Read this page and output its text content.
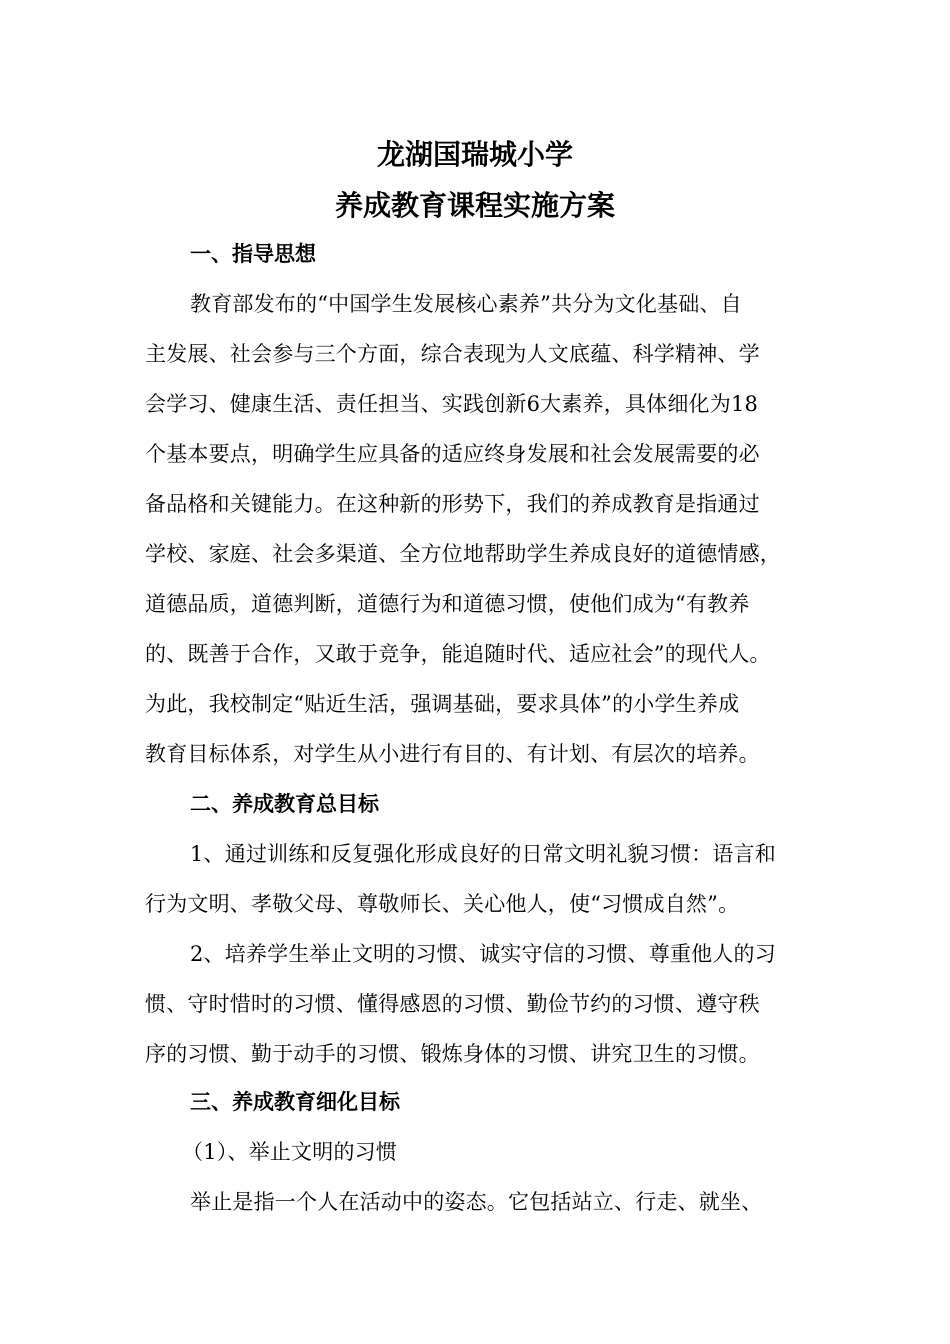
龙湖国瑞城小学
养成教育课程实施方案
一、指导思想
教育部发布的“中国学生发展核心素养”共分为文化基础、自
主发展、社会参与三个方面，综合表现为人文底蕴、科学精神、学
会学习、健康生活、责任担当、实践创新6大素养，具体细化为18
个基本要点，明确学生应具备的适应终身发展和社会发展需要的必
备品格和关键能力。在这种新的形势下，我们的养成教育是指通过
学校、家庭、社会多渠道、全方位地帮助学生养成良好的道德情感，
道德品质，道德判断，道德行为和道德习惯，使他们成为“有教养
的、既善于合作，又敢于竞争，能追随时代、适应社会”的现代人。
为此，我校制定“贴近生活，强调基础，要求具体”的小学生养成
教育目标体系，对学生从小进行有目的、有计划、有层次的培养。
二、养成教育总目标
1、通过训练和反复强化形成良好的日常文明礼貌习惯：语言和
行为文明、孝敬父母、尊敬师长、关心他人，使“习惯成自然”。
2、培养学生举止文明的习惯、诚实守信的习惯、尊重他人的习
惯、守时惜时的习惯、懂得感恩的习惯、勤俭节约的习惯、遵守秩
序的习惯、勤于动手的习惯、锻炼身体的习惯、讲究卫生的习惯。
三、养成教育细化目标
（1）、举止文明的习惯
举止是指一个人在活动中的姿态。它包括站立、行走、就坐、
